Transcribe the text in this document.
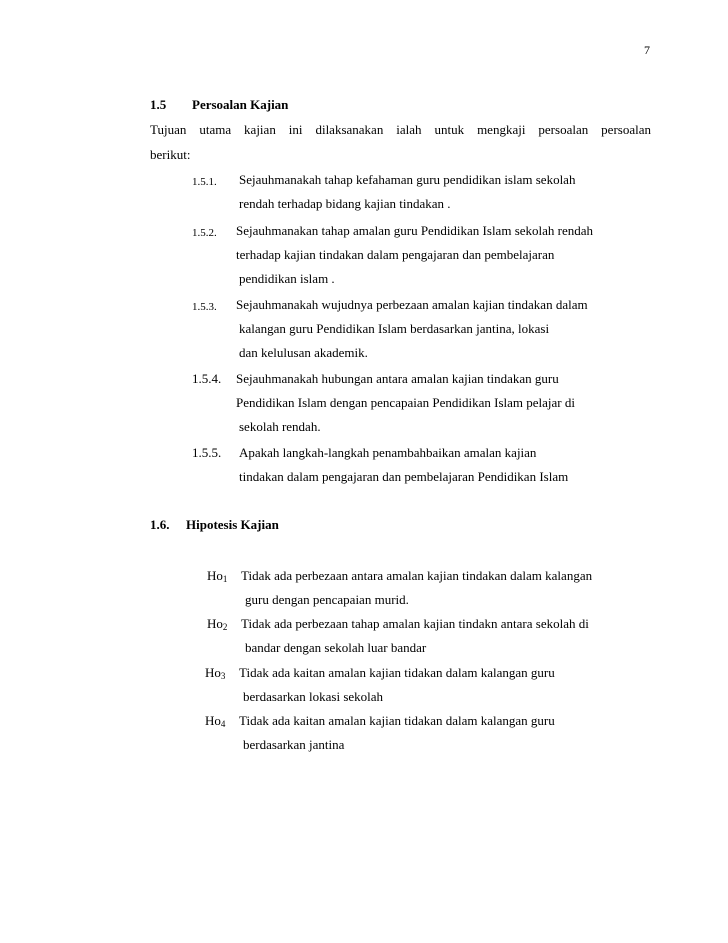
7
1.5 Persoalan Kajian
Tujuan utama kajian ini dilaksanakan ialah untuk mengkaji persoalan persoalan
berikut:
1.5.1. Sejauhmanakah tahap kefahaman guru pendidikan islam sekolah
rendah terhadap bidang kajian tindakan .
1.5.2. Sejauhmanakan tahap amalan guru Pendidikan Islam sekolah rendah
terhadap kajian tindakan dalam pengajaran dan pembelajaran
pendidikan islam .
1.5.3. Sejauhmanakah wujudnya perbezaan amalan kajian tindakan dalam
kalangan guru Pendidikan Islam berdasarkan jantina, lokasi
dan kelulusan akademik.
1.5.4. Sejauhmanakah hubungan antara amalan kajian tindakan guru
Pendidikan Islam dengan pencapaian Pendidikan Islam pelajar di
sekolah rendah.
1.5.5. Apakah langkah-langkah penambahbaikan amalan kajian
tindakan dalam pengajaran dan pembelajaran Pendidikan Islam
1.6. Hipotesis Kajian
$Ho_1$ Tidak ada perbezaan antara amalan kajian tindakan dalam kalangan
guru dengan pencapaian murid.
$Ho_2$ Tidak ada perbezaan tahap amalan kajian tindakn antara sekolah di
bandar dengan sekolah luar bandar
$Ho_3$ Tidak ada kaitan amalan kajian tidakan dalam kalangan guru
berdasarkan lokasi sekolah
$Ho_4$ Tidak ada kaitan amalan kajian tidakan dalam kalangan guru
berdasarkan jantina
